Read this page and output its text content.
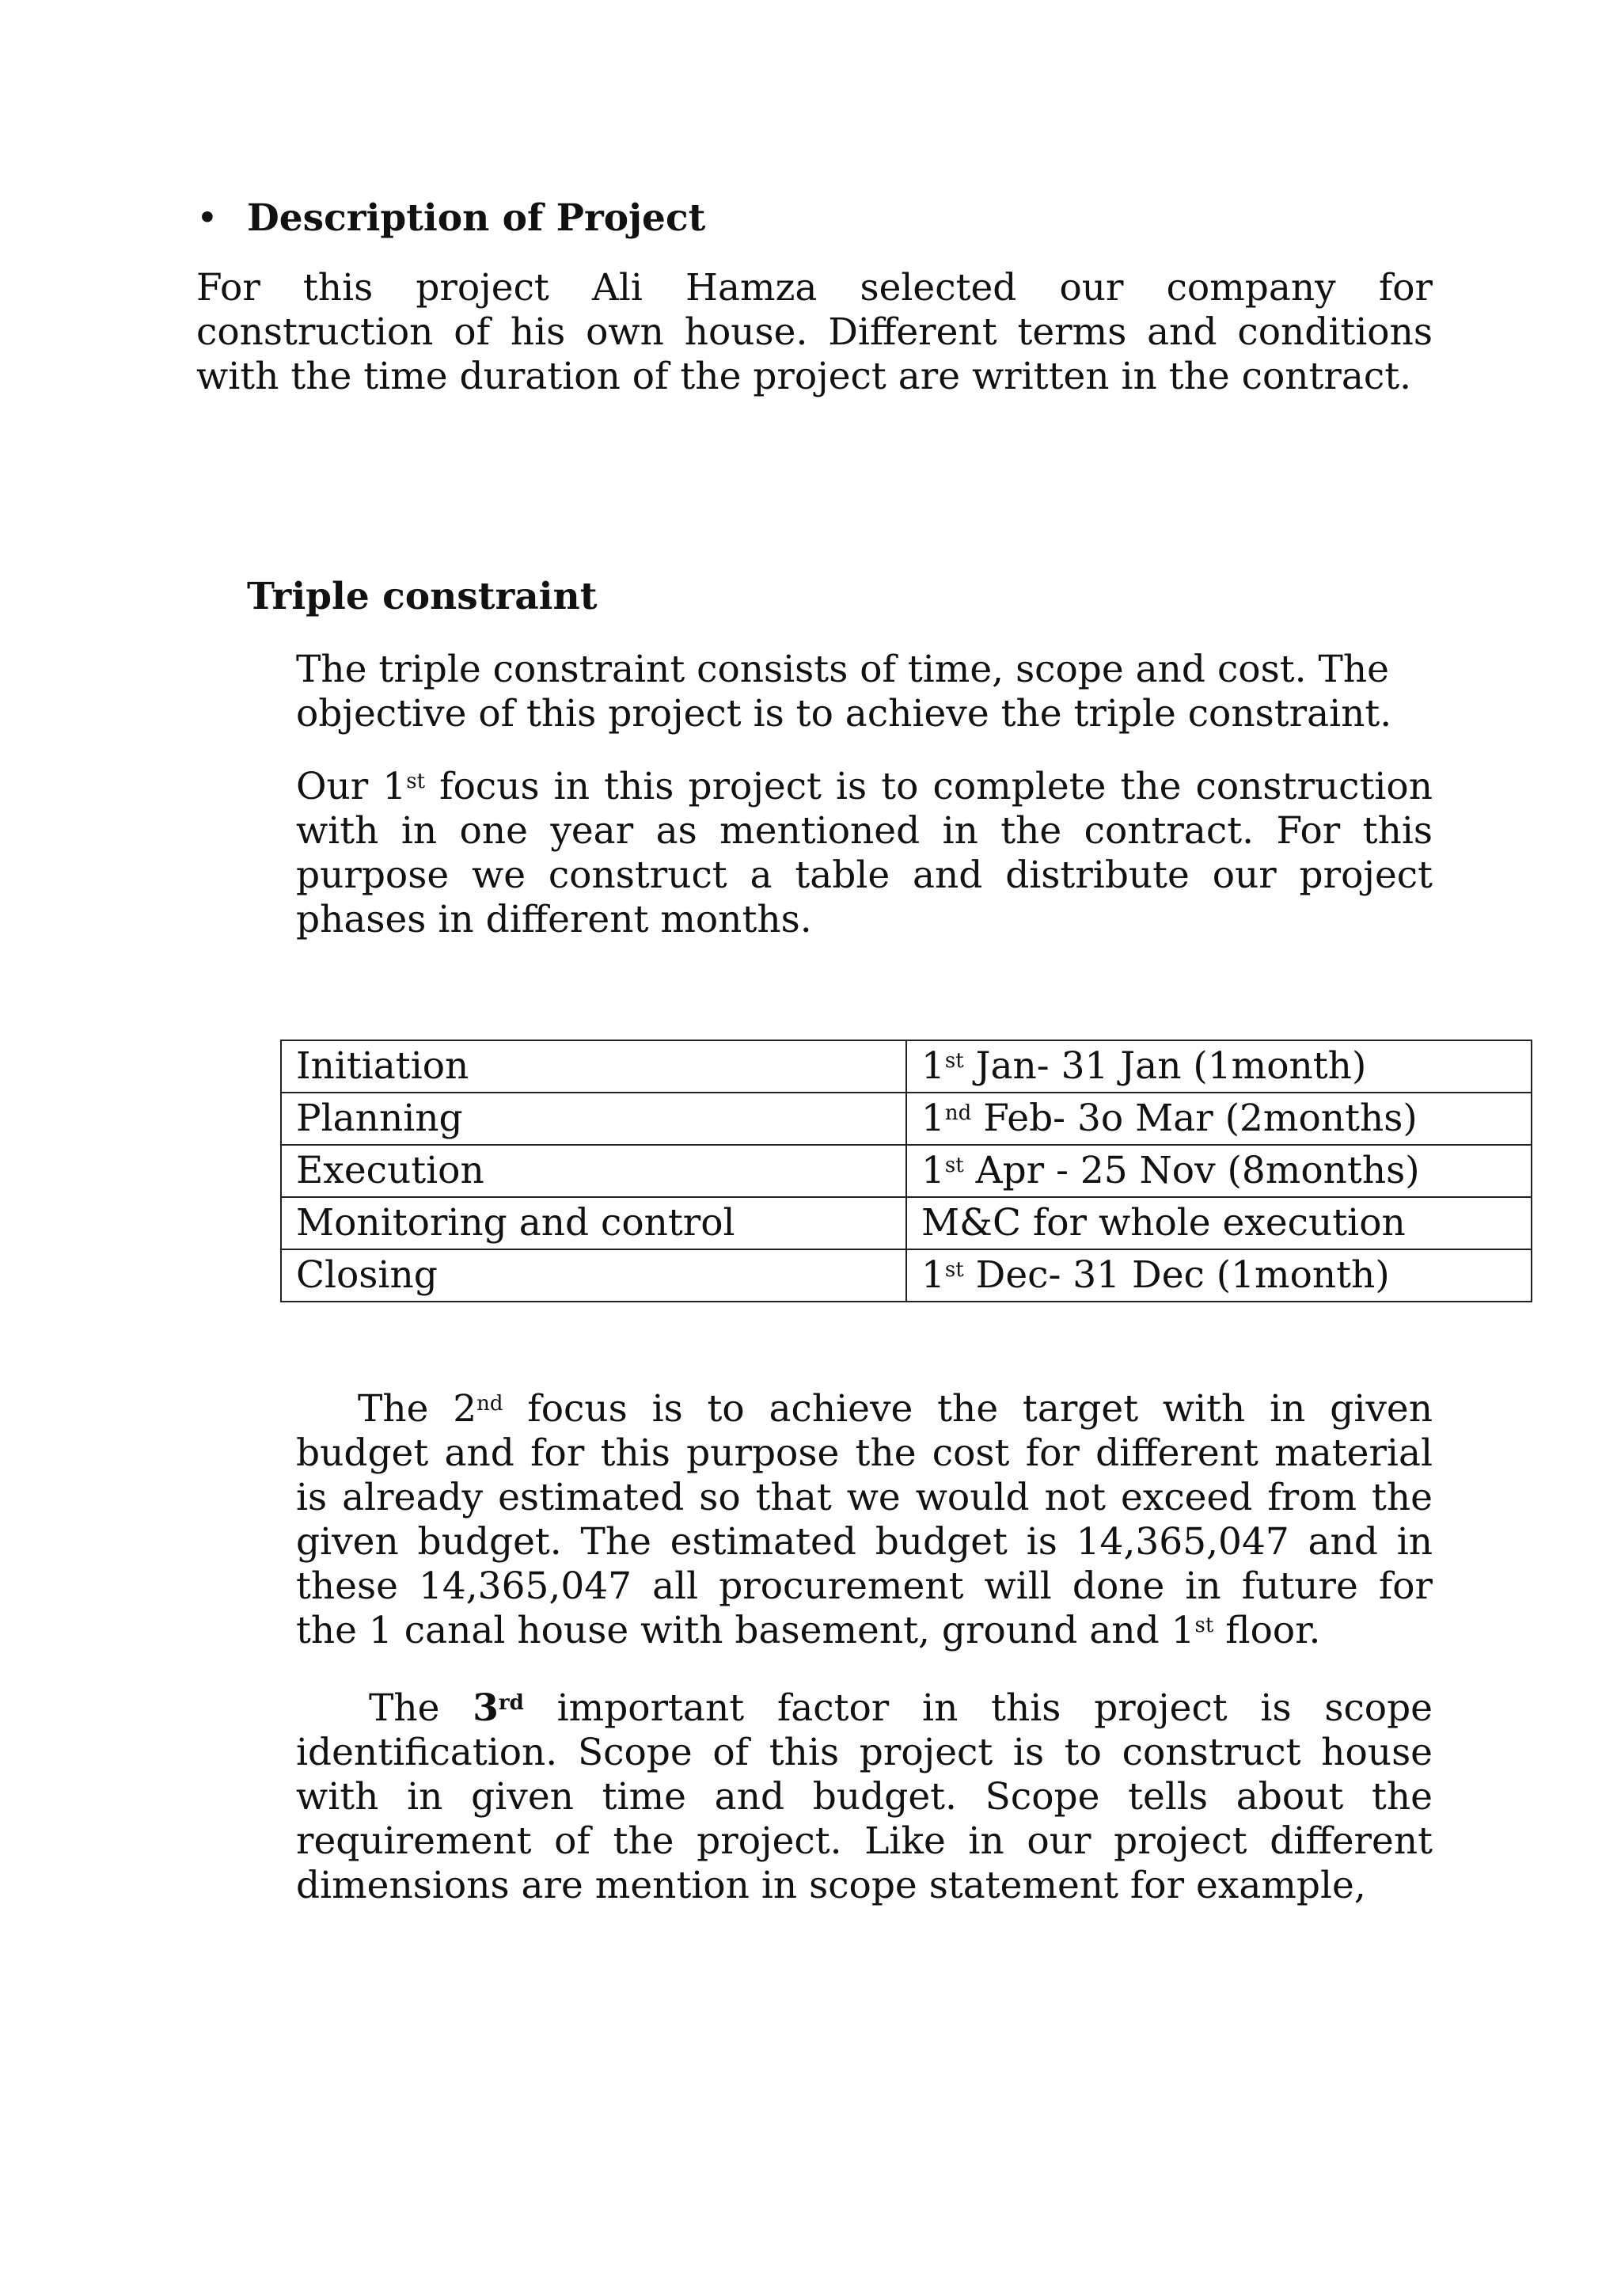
• Description of Project

For this project Ali Hamza selected our company for construction of his own house. Different terms and conditions with the time duration of the project are written in the contract.

Triple constraint

The triple constraint consists of time, scope and cost. The objective of this project is to achieve the triple constraint.

Our 1st focus in this project is to complete the construction with in one year as mentioned in the contract. For this purpose we construct a table and distribute our project phases in different months.

Initiation	1st Jan- 31 Jan (1month)
Planning	1nd Feb- 3o Mar (2months)
Execution	1st Apr - 25 Nov (8months)
Monitoring and control	M&C for whole execution
Closing	1st Dec- 31 Dec (1month)

The 2nd focus is to achieve the target with in given budget and for this purpose the cost for different material is already estimated so that we would not exceed from the given budget. The estimated budget is 14,365,047 and in these 14,365,047 all procurement will done in future for the 1 canal house with basement, ground and 1st floor.

The 3rd important factor in this project is scope identification. Scope of this project is to construct house with in given time and budget. Scope tells about the requirement of the project. Like in our project different dimensions are mention in scope statement for example,
